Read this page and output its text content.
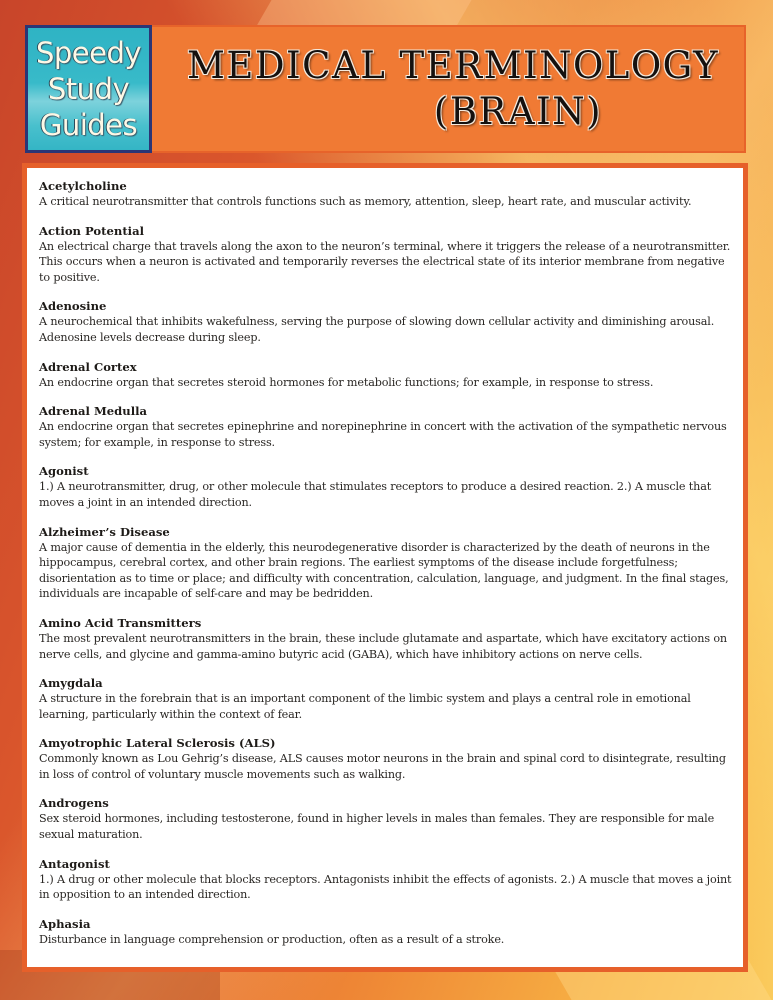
Speedy
Study
Guides
MEDICAL TERMINOLOGY
(BRAIN)
Acetylcholine
A critical neurotransmitter that controls functions such as memory, attention, sleep, heart rate, and muscular activity.
Action Potential
An electrical charge that travels along the axon to the neuron’s terminal, where it triggers the release of a neurotransmitter. This occurs when a neuron is activated and temporarily reverses the electrical state of its interior membrane from negative to positive.
Adenosine
A neurochemical that inhibits wakefulness, serving the purpose of slowing down cellular activity and diminishing arousal. Adenosine levels decrease during sleep.
Adrenal Cortex
An endocrine organ that secretes steroid hormones for metabolic functions; for example, in response to stress.
Adrenal Medulla
An endocrine organ that secretes epinephrine and norepinephrine in concert with the activation of the sympathetic nervous system; for example, in response to stress.
Agonist
1.) A neurotransmitter, drug, or other molecule that stimulates receptors to produce a desired reaction. 2.) A muscle that moves a joint in an intended direction.
Alzheimer’s Disease
A major cause of dementia in the elderly, this neurodegenerative disorder is characterized by the death of neurons in the hippocampus, cerebral cortex, and other brain regions. The earliest symptoms of the disease include forgetfulness; disorientation as to time or place; and difficulty with concentration, calculation, language, and judgment. In the final stages, individuals are incapable of self-care and may be bedridden.
Amino Acid Transmitters
The most prevalent neurotransmitters in the brain, these include glutamate and aspartate, which have excitatory actions on nerve cells, and glycine and gamma-amino butyric acid (GABA), which have inhibitory actions on nerve cells.
Amygdala
A structure in the forebrain that is an important component of the limbic system and plays a central role in emotional learning, particularly within the context of fear.
Amyotrophic Lateral Sclerosis (ALS)
Commonly known as Lou Gehrig’s disease, ALS causes motor neurons in the brain and spinal cord to disintegrate, resulting in loss of control of voluntary muscle movements such as walking.
Androgens
Sex steroid hormones, including testosterone, found in higher levels in males than females. They are responsible for male sexual maturation.
Antagonist
1.) A drug or other molecule that blocks receptors. Antagonists inhibit the effects of agonists. 2.) A muscle that moves a joint in opposition to an intended direction.
Aphasia
Disturbance in language comprehension or production, often as a result of a stroke.
